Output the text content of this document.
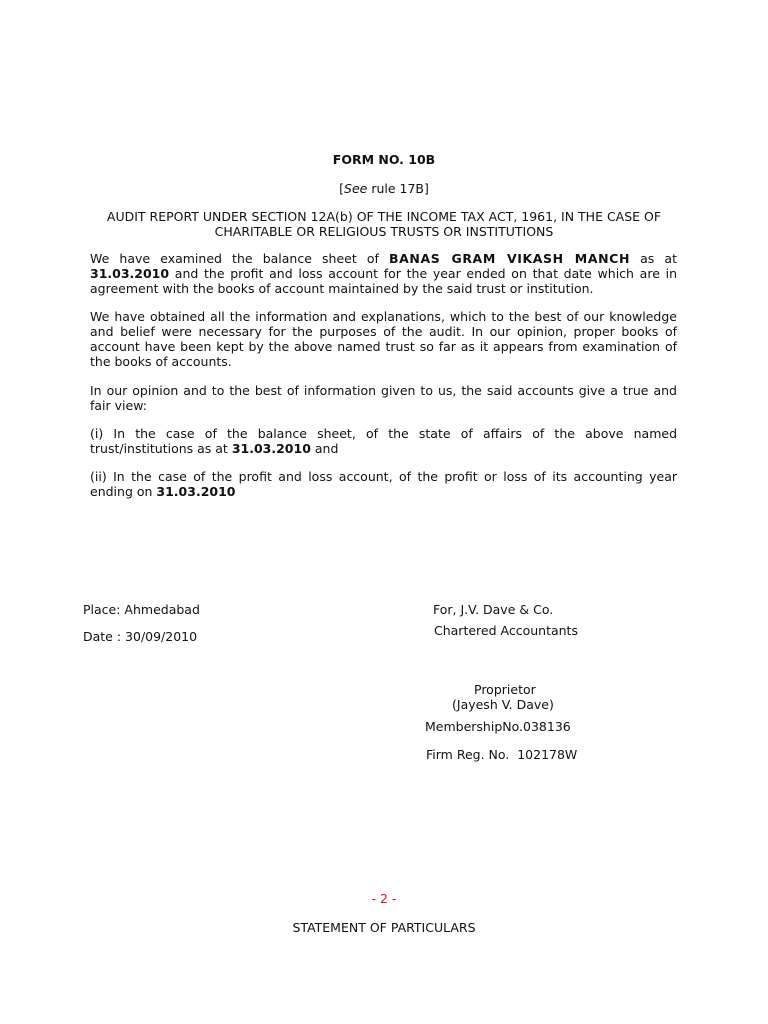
FORM NO. 10B
[See rule 17B]
AUDIT REPORT UNDER SECTION 12A(b) OF THE INCOME TAX ACT, 1961, IN THE CASE OF
CHARITABLE OR RELIGIOUS TRUSTS OR INSTITUTIONS

We have examined the balance sheet of BANAS GRAM VIKASH MANCH as at 31.03.2010 and the profit and loss account for the year ended on that date which are in agreement with the books of account maintained by the said trust or institution.

We have obtained all the information and explanations, which to the best of our knowledge and belief were necessary for the purposes of the audit. In our opinion, proper books of account have been kept by the above named trust so far as it appears from examination of the books of accounts.

In our opinion and to the best of information given to us, the said accounts give a true and fair view:

(i) In the case of the balance sheet, of the state of affairs of the above named trust/institutions as at 31.03.2010 and

(ii) In the case of the profit and loss account, of the profit or loss of its accounting year ending on 31.03.2010

Place: Ahmedabad
Date : 30/09/2010
For, J.V. Dave & Co.
Chartered Accountants
Proprietor
(Jayesh V. Dave)
MembershipNo.038136
Firm Reg. No.  102178W
- 2 -
STATEMENT OF PARTICULARS
